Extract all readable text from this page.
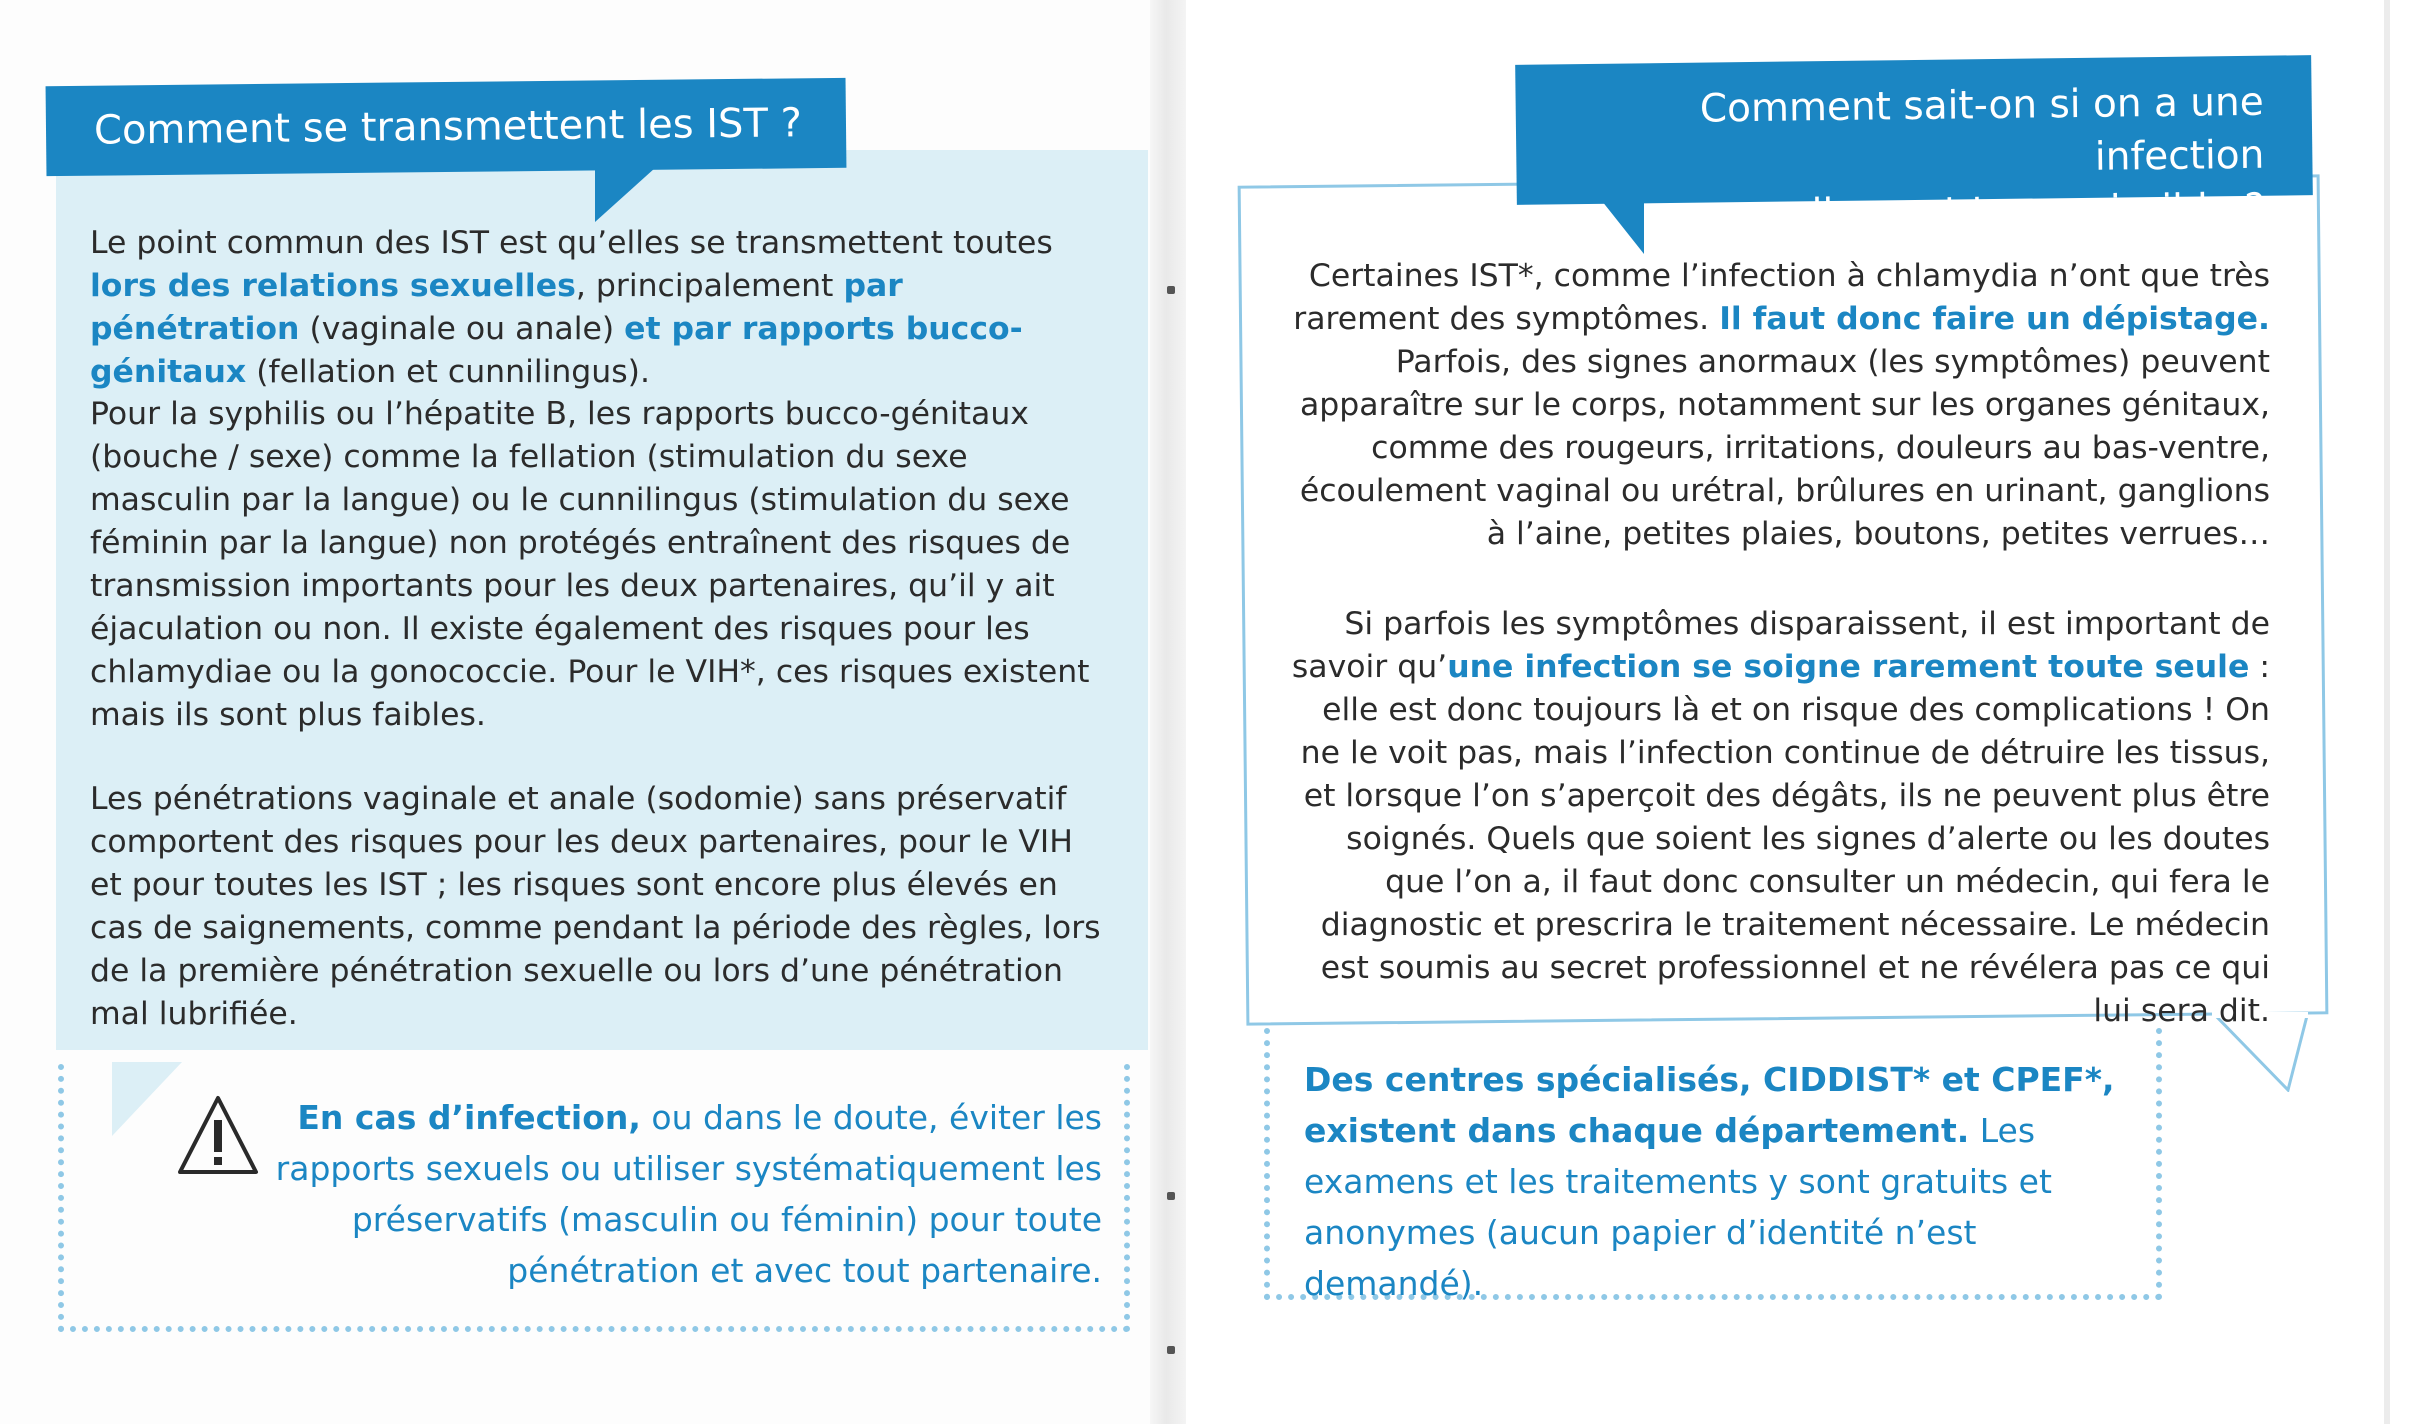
Comment se transmettent les IST ?

Le point commun des IST est qu’elles se transmettent toutes lors des relations sexuelles, principalement par pénétration (vaginale ou anale) et par rapports bucco-génitaux (fellation et cunnilingus).

Pour la syphilis ou l’hépatite B, les rapports bucco-génitaux (bouche / sexe) comme la fellation (stimulation du sexe masculin par la langue) ou le cunnilingus (stimulation du sexe féminin par la langue) non protégés entraînent des risques de transmission importants pour les deux partenaires, qu’il y ait éjaculation ou non. Il existe également des risques pour les chlamydiae ou la gonococcie. Pour le VIH*, ces risques existent mais ils sont plus faibles.

Les pénétrations vaginale et anale (sodomie) sans préservatif comportent des risques pour les deux partenaires, pour le VIH et pour toutes les IST ; les risques sont encore plus élevés en cas de saignements, comme pendant la période des règles, lors de la première pénétration sexuelle ou lors d’une pénétration mal lubrifiée.

En cas d’infection, ou dans le doute, éviter les rapports sexuels ou utiliser systématiquement les préservatifs (masculin ou féminin) pour toute pénétration et avec tout partenaire.
Comment sait-on si on a une infection
sexuellement transmissible ?

Certaines IST*, comme l’infection à chlamydia n’ont que très rarement des symptômes. Il faut donc faire un dépistage. Parfois, des signes anormaux (les symptômes) peuvent apparaître sur le corps, notamment sur les organes génitaux, comme des rougeurs, irritations, douleurs au bas-ventre, écoulement vaginal ou urétral, brûlures en urinant, ganglions à l’aine, petites plaies, boutons, petites verrues…

Si parfois les symptômes disparaissent, il est important de savoir qu’une infection se soigne rarement toute seule : elle est donc toujours là et on risque des complications ! On ne le voit pas, mais l’infection continue de détruire les tissus, et lorsque l’on s’aperçoit des dégâts, ils ne peuvent plus être soignés. Quels que soient les signes d’alerte ou les doutes que l’on a, il faut donc consulter un médecin, qui fera le diagnostic et prescrira le traitement nécessaire. Le médecin est soumis au secret professionnel et ne révélera pas ce qui lui sera dit.

Des centres spécialisés, CIDDIST* et CPEF*, existent dans chaque département. Les examens et les traitements y sont gratuits et anonymes (aucun papier d’identité n’est demandé).
